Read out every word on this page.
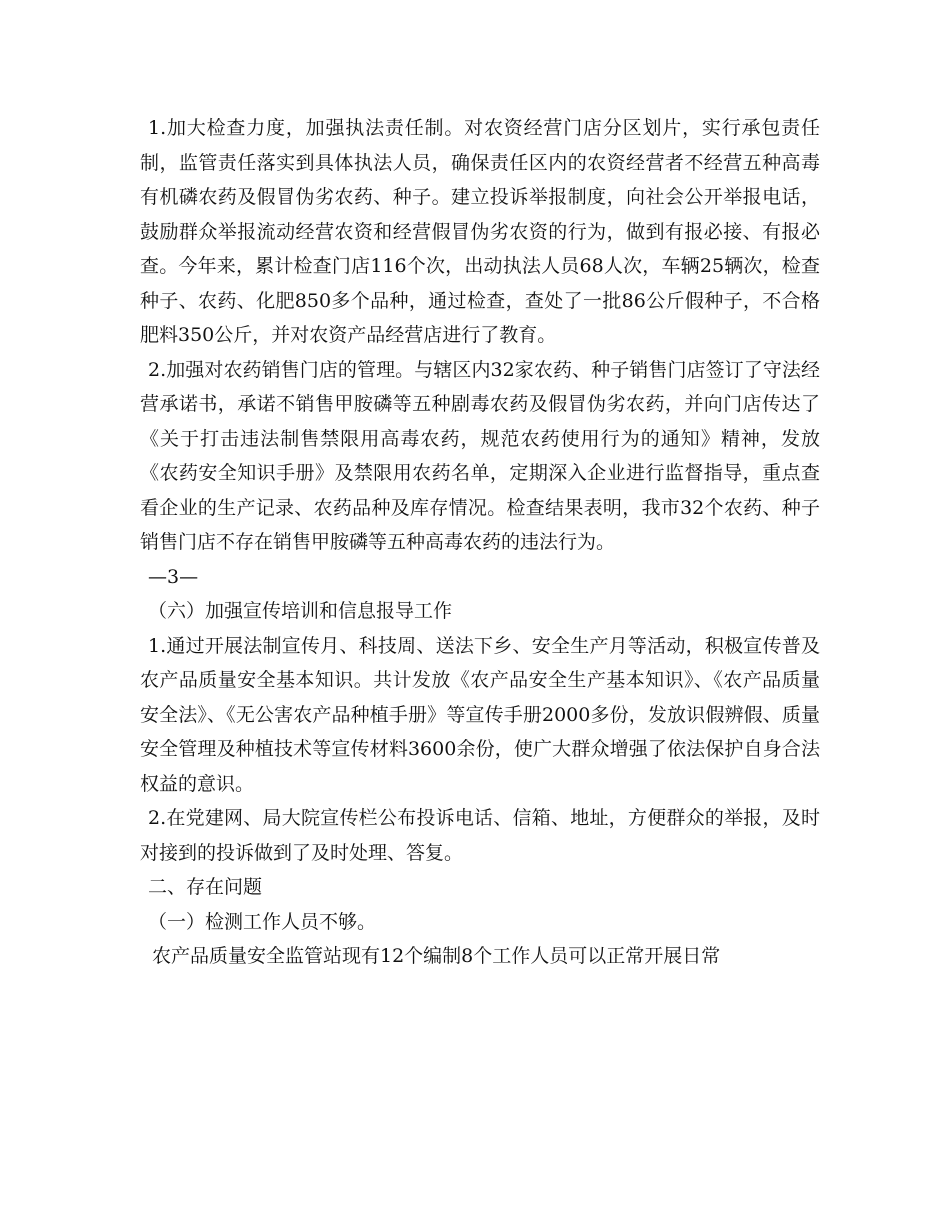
1.加大检查力度，加强执法责任制。对农资经营门店分区划片，实行承包责任制，监管责任落实到具体执法人员，确保责任区内的农资经营者不经营五种高毒有机磷农药及假冒伪劣农药、种子。建立投诉举报制度，向社会公开举报电话，鼓励群众举报流动经营农资和经营假冒伪劣农资的行为，做到有报必接、有报必查。今年来，累计检查门店116个次，出动执法人员68人次，车辆25辆次，检查种子、农药、化肥850多个品种，通过检查，查处了一批86公斤假种子，不合格肥料350公斤，并对农资产品经营店进行了教育。

2.加强对农药销售门店的管理。与辖区内32家农药、种子销售门店签订了守法经营承诺书，承诺不销售甲胺磷等五种剧毒农药及假冒伪劣农药，并向门店传达了《关于打击违法制售禁限用高毒农药，规范农药使用行为的通知》精神，发放《农药安全知识手册》及禁限用农药名单，定期深入企业进行监督指导，重点查看企业的生产记录、农药品种及库存情况。检查结果表明，我市32个农药、种子销售门店不存在销售甲胺磷等五种高毒农药的违法行为。

—3—

（六）加强宣传培训和信息报导工作

1.通过开展法制宣传月、科技周、送法下乡、安全生产月等活动，积极宣传普及农产品质量安全基本知识。共计发放《农产品安全生产基本知识》、《农产品质量安全法》、《无公害农产品种植手册》等宣传手册2000多份，发放识假辨假、质量安全管理及种植技术等宣传材料3600余份，使广大群众增强了依法保护自身合法权益的意识。

2.在党建网、局大院宣传栏公布投诉电话、信箱、地址，方便群众的举报，及时对接到的投诉做到了及时处理、答复。

二、存在问题

（一）检测工作人员不够。

农产品质量安全监管站现有12个编制8个工作人员可以正常开展日常
